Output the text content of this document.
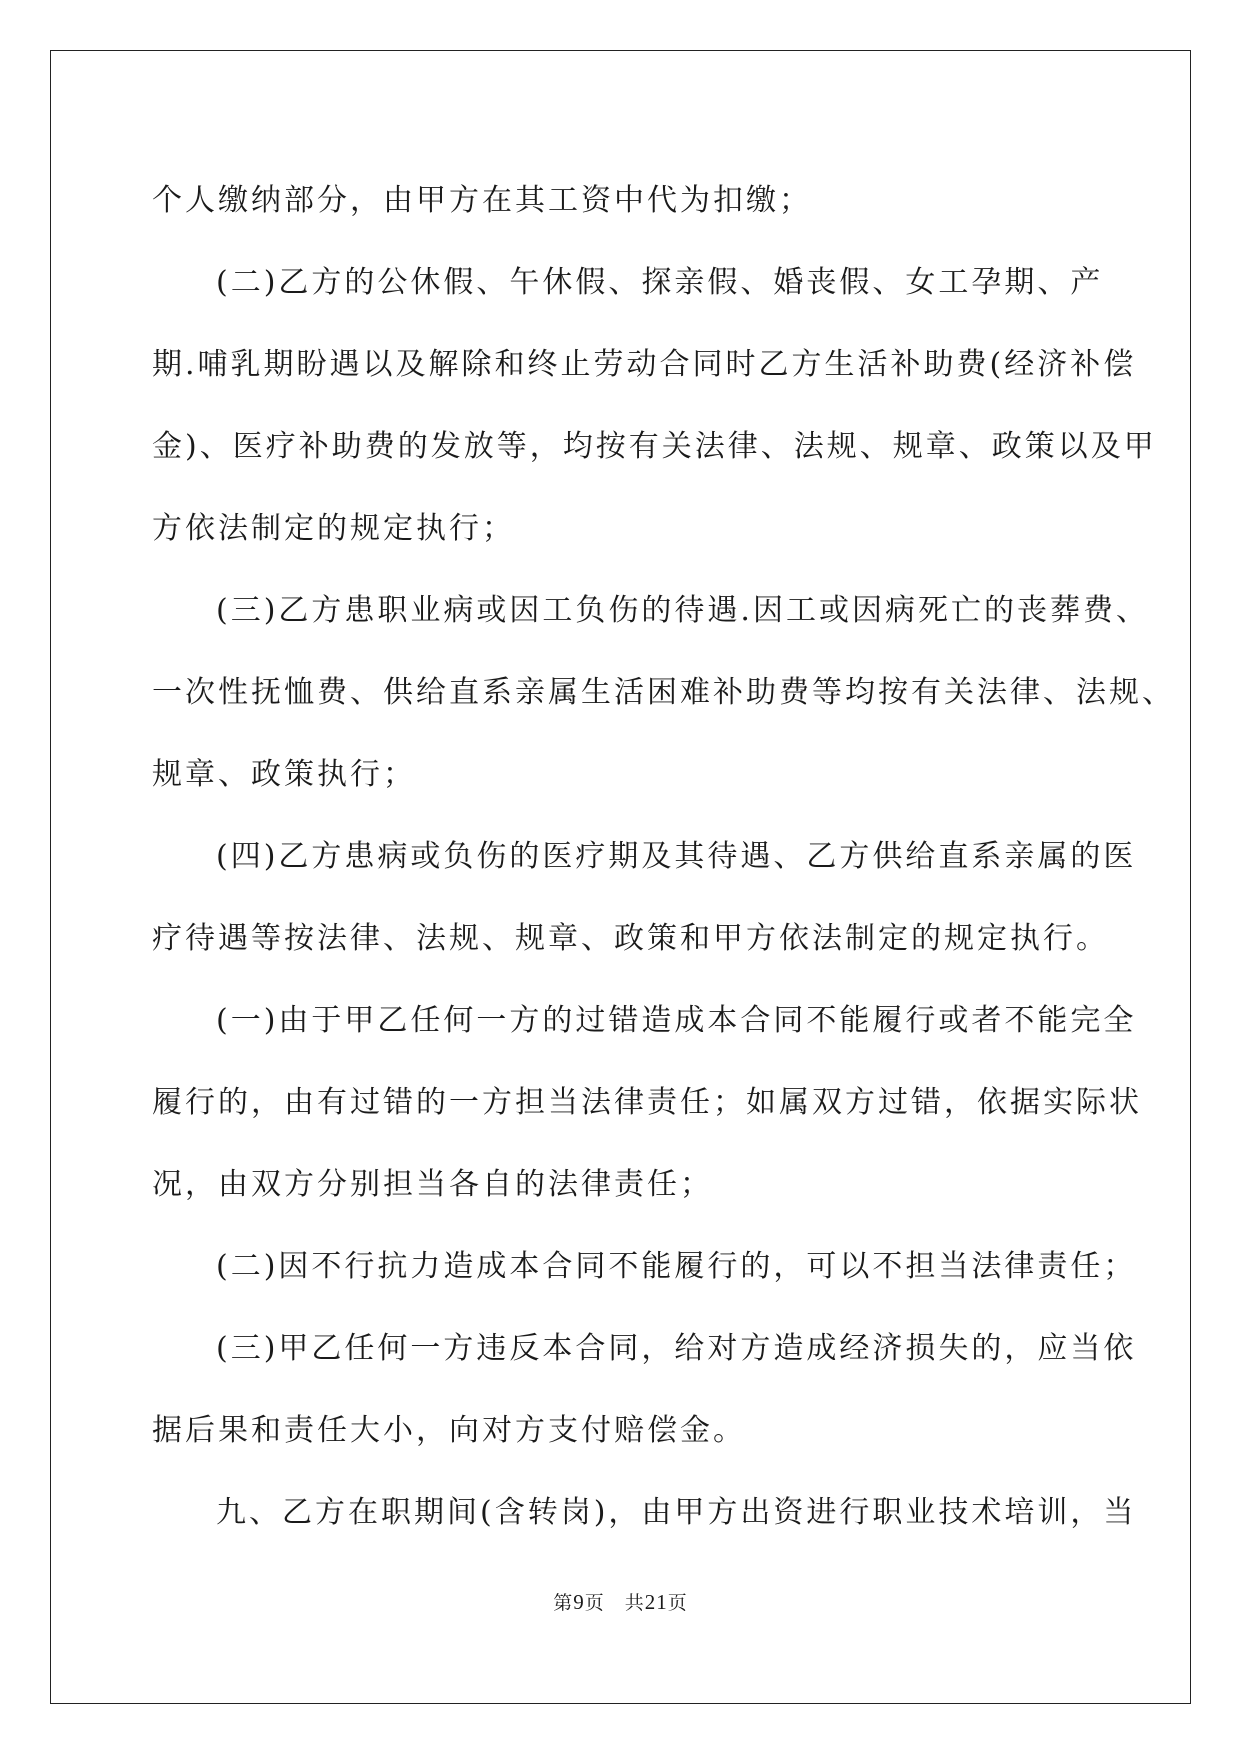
个人缴纳部分，由甲方在其工资中代为扣缴；
(二)乙方的公休假、午休假、探亲假、婚丧假、女工孕期、产
期.哺乳期盼遇以及解除和终止劳动合同时乙方生活补助费(经济补偿
金)、医疗补助费的发放等，均按有关法律、法规、规章、政策以及甲
方依法制定的规定执行；
(三)乙方患职业病或因工负伤的待遇.因工或因病死亡的丧葬费、
一次性抚恤费、供给直系亲属生活困难补助费等均按有关法律、法规、
规章、政策执行；
(四)乙方患病或负伤的医疗期及其待遇、乙方供给直系亲属的医
疗待遇等按法律、法规、规章、政策和甲方依法制定的规定执行。
(一)由于甲乙任何一方的过错造成本合同不能履行或者不能完全
履行的，由有过错的一方担当法律责任；如属双方过错，依据实际状
况，由双方分别担当各自的法律责任；
(二)因不行抗力造成本合同不能履行的，可以不担当法律责任；
(三)甲乙任何一方违反本合同，给对方造成经济损失的，应当依
据后果和责任大小，向对方支付赔偿金。
九、乙方在职期间(含转岗)，由甲方出资进行职业技术培训，当
第9页 共21页
